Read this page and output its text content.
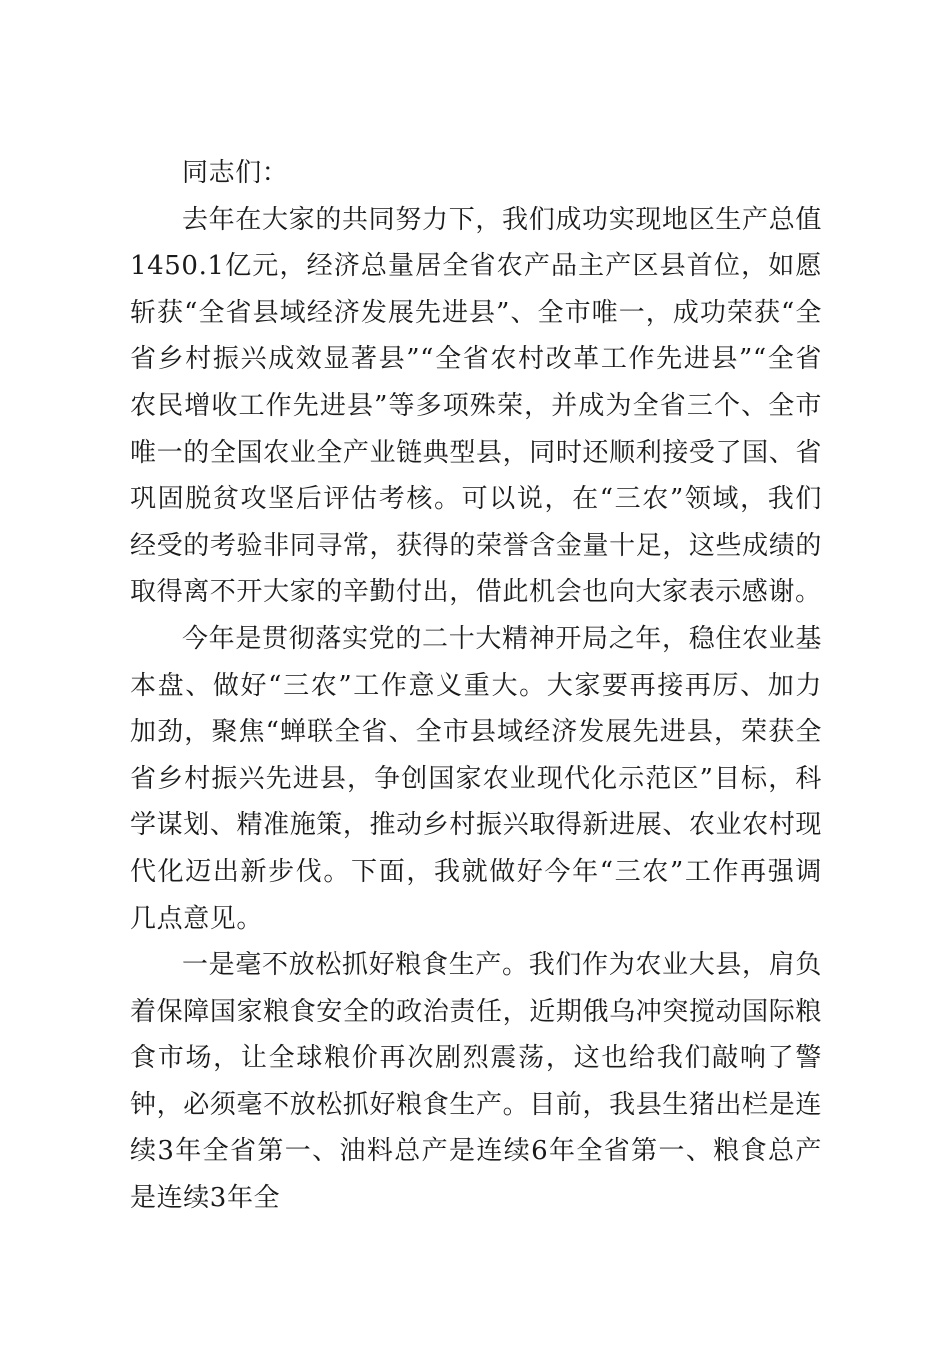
同志们：

去年在大家的共同努力下，我们成功实现地区生产总值1450.1亿元，经济总量居全省农产品主产区县首位，如愿斩获“全省县域经济发展先进县”、全市唯一，成功荣获“全省乡村振兴成效显著县”“全省农村改革工作先进县”“全省农民增收工作先进县”等多项殊荣，并成为全省三个、全市唯一的全国农业全产业链典型县，同时还顺利接受了国、省巩固脱贫攻坚后评估考核。可以说，在“三农”领域，我们经受的考验非同寻常，获得的荣誉含金量十足，这些成绩的取得离不开大家的辛勤付出，借此机会也向大家表示感谢。

今年是贯彻落实党的二十大精神开局之年，稳住农业基本盘、做好“三农”工作意义重大。大家要再接再厉、加力加劲，聚焦“蝉联全省、全市县域经济发展先进县，荣获全省乡村振兴先进县，争创国家农业现代化示范区”目标，科学谋划、精准施策，推动乡村振兴取得新进展、农业农村现代化迈出新步伐。下面，我就做好今年“三农”工作再强调几点意见。

一是毫不放松抓好粮食生产。我们作为农业大县，肩负着保障国家粮食安全的政治责任，近期俄乌冲突搅动国际粮食市场，让全球粮价再次剧烈震荡，这也给我们敲响了警钟，必须毫不放松抓好粮食生产。目前，我县生猪出栏是连续3年全省第一、油料总产是连续6年全省第一、粮食总产是连续3年全
